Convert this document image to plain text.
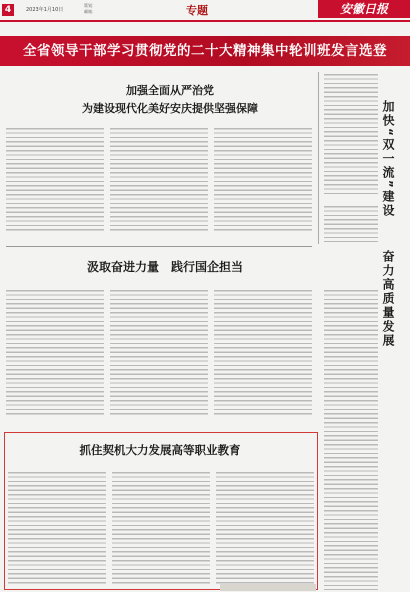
4	2023年1月10日
策划：
邮箱：	专题	安徽日报
全省领导干部学习贯彻党的二十大精神集中轮训班发言选登
加强全面从严治党
为建设现代化美好安庆提供坚强保障	加快“双一流”建设
奋力高质量发展
汲取奋进力量　践行国企担当
抓住契机大力发展高等职业教育
